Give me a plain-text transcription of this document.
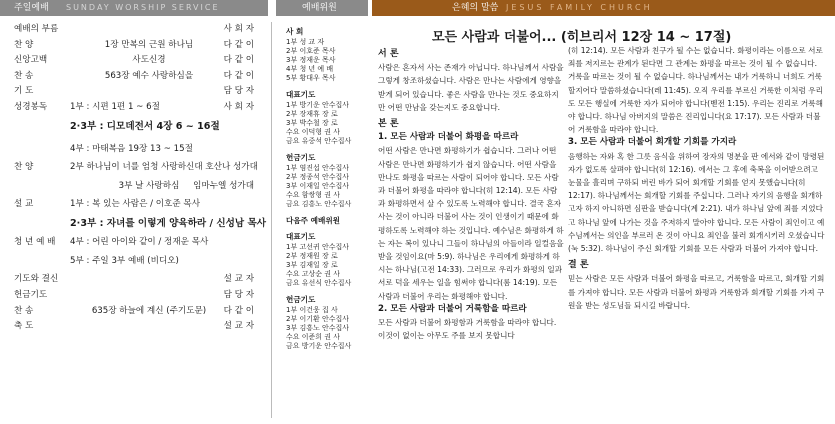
주일예배 SUNDAY WORSHIP SERVICE
예배의 부름	사 회 자
찬 양	1장 만복의 근원 하나님	다 같 이
신앙고백	사도신경	다 같 이
찬 송	563장 예수 사랑하심을	다 같 이
기 도	담 당 자
성경봉독	1부 : 시편 1편 1 ~ 6절	사 회 자
2·3부 : 디모데전서 4장 6 ~ 16절
4부 : 마태복음 19장 13 ~ 15절
찬 양	2부 하나님이 너를 엄청 사랑하신대 호산나 성가대
3부 날 사랑하심	임마누엘 성가대
설 교	1부 : 복 있는 사람은 / 이호준 목사
2·3부 : 자녀를 이렇게 양육하라 / 신성남 목사
청 년 예 배 4부 : 어린 아이와 같이 / 정재운 목사
5부 : 주일 3부 예배 (비디오)
기도와 결신	설 교 자
헌금기도	담 당 자
찬 송	635장 하늘에 계신 (주기도문)	다 같 이
축 도	설 교 자
예배위원
사 회
1부 성 교 자
2부 이호준 목사
3부 정재운 목사
4부 청 년 예 배
5부 황대우 목사
대표기도
1부 방기운 안수집사
2부 장재휴 장 로
3부 박수철 장 로
수요 이덕형 권 사
금요 유중석 안수집사
헌금기도
1부 염진섭 안수집사
2부 정종석 안수집사
3부 이재일 안수집사
수요 함쌍형 권 사
금요 김흥노 안수집사
다음주 예배위원
대표기도
1부 고선귀 안수집사
2부 정재원 장 로
3부 김재일 장 로
수요 고상순 권 사
금요 유선식 안수집사
헌금기도
1부 이건웅 집 사
2부 이기환 안수집사
3부 김흥노 안수집사
수요 이준희 권 사
금요 방기운 안수집사
은혜의 말씀 JESUS FAMILY CHURCH
모든 사람과 더불어... (히브리서 12장 14 ~ 17절)

서 론

사람은 혼자서 사는 존재가 아닙니다. 하나님께서 사람을 그렇게 창조하셨습니다. 사람은 만나는 사람에게 영향을 받게 되어 있습니다. 좋은 사람을 만나는 것도 중요하지만 어떤 만남을 갖는지도 중요합니다.

본 론

1. 모든 사람과 더불어 화평을 따르라

어떤 사람은 만나면 화평하기가 쉽습니다. 그러나 어떤 사람은 만나면 화평하기가 쉽지 않습니다. 어떤 사람을 만나도 화평을 따르는 사람이 되어야 합니다. 모든 사람과 더불어 화평을 따라야 합니다(히 12:14). 모든 사람과 화평하면서 살 수 있도록 노력해야 합니다. 결국 혼자 사는 것이 아니라 더불어 사는 것이 인생이기 때문에 화평하도록 노력해야 하는 것입니다. 예수님은 화평하게 하는 자는 복이 있나니 그들이 하나님의 아들이라 일컬음을 받을 것임이요(마 5:9). 하나님은 우리에게 화평하게 하시는 하나님(고전 14:33). 그러므로 우리가 화평의 일과 서로 덕을 세우는 일을 힘써야 합니다(롬 14:19). 모든 사람과 더불어 우리는 화평해야 합니다.

2. 모든 사람과 더불어 거룩함을 따르라

모든 사람과 더불어 화평함과 거룩함을 따라야 합니다. 이것이 없이는 아무도 주를 보지 못합니다

(히 12:14). 모든 사람과 친구가 될 수는 없습니다. 화평이라는 이름으로 서로 죄를 저지르는 관계가 된다면 그 관계는 화평을 따르는 것이 될 수 없습니다. 거룩을 따르는 것이 될 수 없습니다. 하나님께서는 내가 거룩하니 너희도 거룩할지어다 말씀하셨습니다(레 11:45). 오직 우리를 부르신 거룩한 이처럼 우리도 모든 행실에 거룩한 자가 되어야 합니다(벧전 1:15). 우리는 진리로 거룩해야 합니다. 하나님 아버지의 말씀은 진리입니다(요 17:17). 모든 사람과 더불어 거룩함을 따라야 합니다.

3. 모든 사람과 더불어 회개할 기회를 가지라

음행하는 자와 혹 한 그릇 음식을 위하여 장자의 명분을 판 에서와 같이 망령된 자가 없도록 살펴야 합니다(히 12:16). 에서는 그 후에 축복을 이어받으려고 눈물을 흘리며 구하되 버린 바가 되어 회개할 기회를 얻지 못했습니다(히 12:17). 하나님께서는 회개할 기회를 주십니다. 그러나 자기의 음행을 회개하고자 하지 아니하면 심판을 받습니다(계 2:21). 내가 하나님 앞에 죄를 지었다고 하나님 앞에 나가는 것을 주저하지 말아야 합니다. 모든 사람이 죄인이고 예수님께서는 의인을 부르러 온 것이 아니요 죄인을 불러 회개시키러 오셨습니다(눅 5:32). 하나님이 주신 회개할 기회를 모든 사람과 더불어 가져야 합니다.

결 론

믿는 사람은 모든 사람과 더불어 화평을 따르고, 거룩함을 따르고, 회개할 기회를 가져야 합니다. 모든 사람과 더불어 화평과 거룩함과 회개할 기회를 가져 구원을 받는 성도님들 되시길 바랍니다.
